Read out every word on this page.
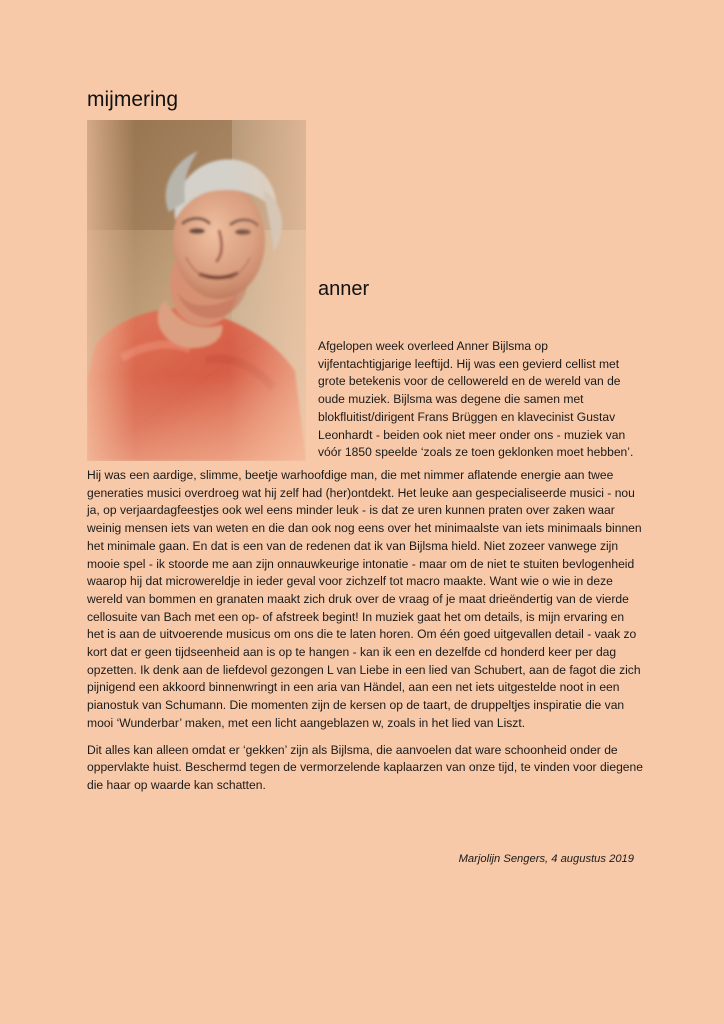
mijmering
anner

Afgelopen week overleed Anner Bijlsma op vijfentachtigjarige leeftijd. Hij was een gevierd cellist met grote betekenis voor de cellowereld en de wereld van de oude muziek. Bijlsma was degene die samen met blokfluitist/dirigent Frans Brüggen en klavecinist Gustav Leonhardt - beiden ook niet meer onder ons - muziek van vóór 1850 speelde ‘zoals ze toen geklonken moet hebben’.

Hij was een aardige, slimme, beetje warhoofdige man, die met nimmer aflatende energie aan twee generaties musici overdroeg wat hij zelf had (her)ontdekt. Het leuke aan gespecialiseerde musici - nou ja, op verjaardagfeestjes ook wel eens minder leuk - is dat ze uren kunnen praten over zaken waar weinig mensen iets van weten en die dan ook nog eens over het minimaalste van iets minimaals binnen het minimale gaan. En dat is een van de redenen dat ik van Bijlsma hield. Niet zozeer vanwege zijn mooie spel - ik stoorde me aan zijn onnauwkeurige intonatie - maar om de niet te stuiten bevlogenheid waarop hij dat microwereldje in ieder geval voor zichzelf tot macro maakte. Want wie o wie in deze wereld van bommen en granaten maakt zich druk over de vraag of je maat drieëndertig van de vierde cellosuite van Bach met een op- of afstreek begint! In muziek gaat het om details, is mijn ervaring en het is aan de uitvoerende musicus om ons die te laten horen. Om één goed uitgevallen detail - vaak zo kort dat er geen tijdseenheid aan is op te hangen - kan ik een en dezelfde cd honderd keer per dag opzetten. Ik denk aan de liefdevol gezongen L van Liebe in een lied van Schubert, aan de fagot die zich pijnigend een akkoord binnenwringt in een aria van Händel, aan een net iets uitgestelde noot in een pianostuk van Schumann. Die momenten zijn de kersen op de taart, de druppeltjes inspiratie die van mooi ‘Wunderbar’ maken, met een licht aangeblazen w, zoals in het lied van Liszt.

Dit alles kan alleen omdat er ‘gekken’ zijn als Bijlsma, die aanvoelen dat ware schoonheid onder de oppervlakte huist. Beschermd tegen de vermorzelende kaplaarzen van onze tijd, te vinden voor diegene die haar op waarde kan schatten.

Marjolijn Sengers, 4 augustus 2019
